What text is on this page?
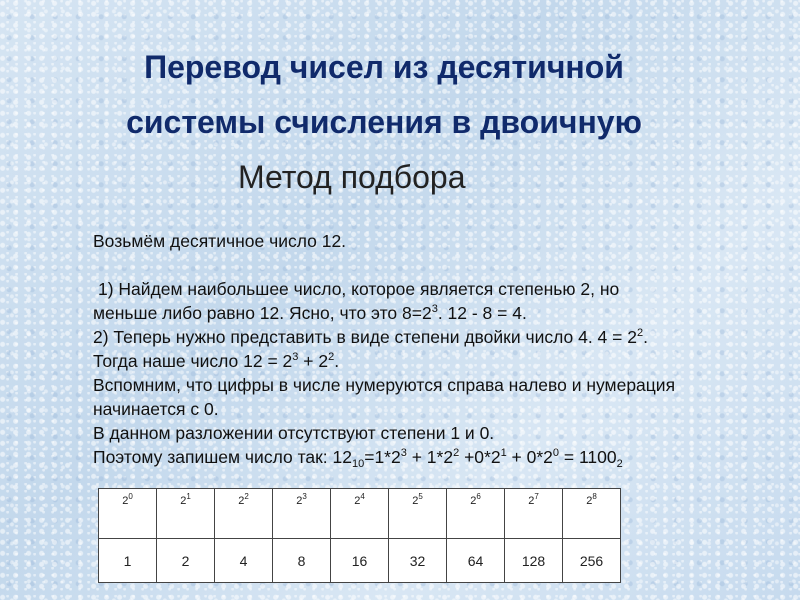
Перевод чисел из десятичной
системы счисления в двоичную
Метод подбора

Возьмём десятичное число 12.

1) Найдем наибольшее число, которое является степенью 2, но

меньше либо равно 12. Ясно, что это $8=2^3$. 12 - 8 = 4.

2) Теперь нужно представить в виде степени двойки число 4. $4 = 2^2$.

Тогда наше число $12 = 2^3 + 2^2$.

Вспомним, что цифры в числе нумеруются справа налево и нумерация

начинается с 0.

В данном разложении отсутствуют степени 1 и 0.

Поэтому запишем число так: $12_{10}=1*2^3 + 1*2^2 +0*2^1 + 0*2^0 = 1100_2$

$2^0$	$2^1$	$2^2$	$2^3$	$2^4$	$2^5$	$2^6$	$2^7$	$2^8$
1	2	4	8	16	32	64	128	256
